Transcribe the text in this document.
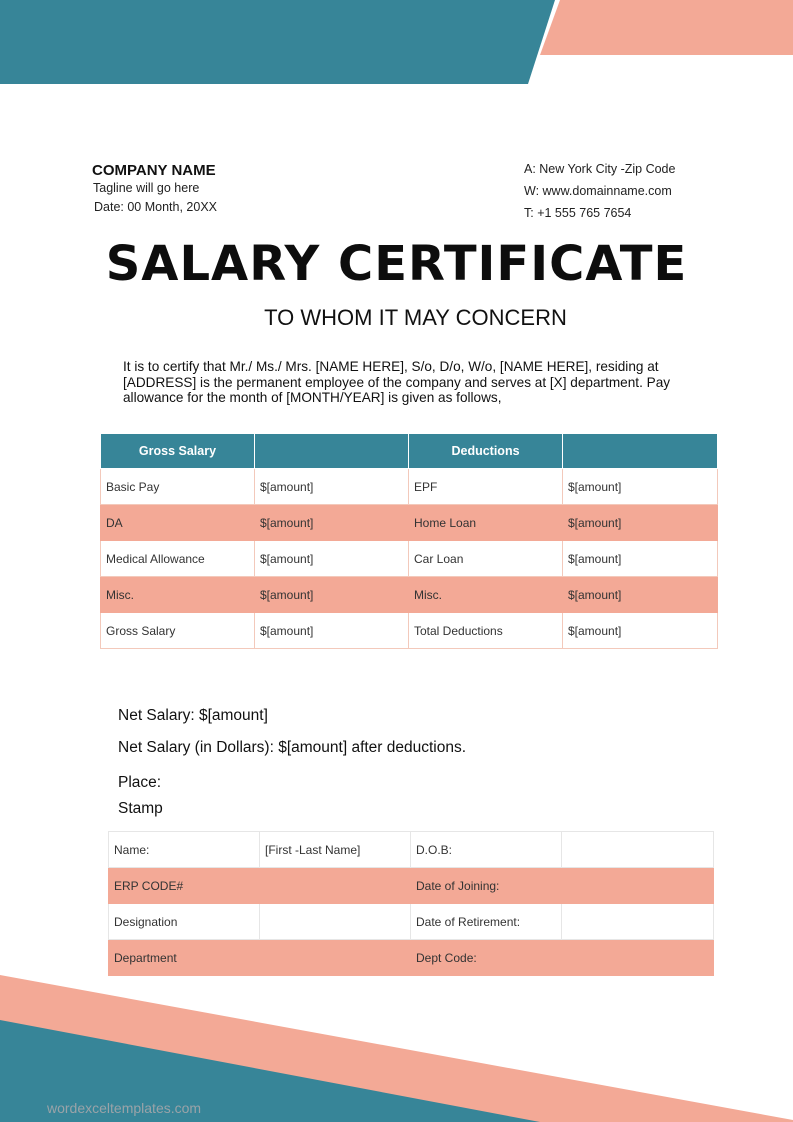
COMPANY NAME
Tagline will go here
Date: 00 Month, 20XX
A: New York City -Zip Code
W: www.domainname.com
T: +1 555 765 7654
SALARY CERTIFICATE
TO WHOM IT MAY CONCERN

It is to certify that Mr./ Ms./ Mrs. [NAME HERE], S/o, D/o, W/o, [NAME HERE], residing at [ADDRESS] is the permanent employee of the company and serves at [X] department. Pay allowance for the month of [MONTH/YEAR] is given as follows,

Gross Salary		Deductions	
Basic Pay	$[amount]	EPF	$[amount]
DA	$[amount]	Home Loan	$[amount]
Medical Allowance	$[amount]	Car Loan	$[amount]
Misc.	$[amount]	Misc.	$[amount]
Gross Salary	$[amount]	Total Deductions	$[amount]
Net Salary: $[amount]
Net Salary (in Dollars): $[amount] after deductions.
Place:
Stamp
Name:	[First -Last Name]	D.O.B:	
ERP CODE#		Date of Joining:	
Designation		Date of Retirement:	
Department		Dept Code:	
wordexceltemplates.com
